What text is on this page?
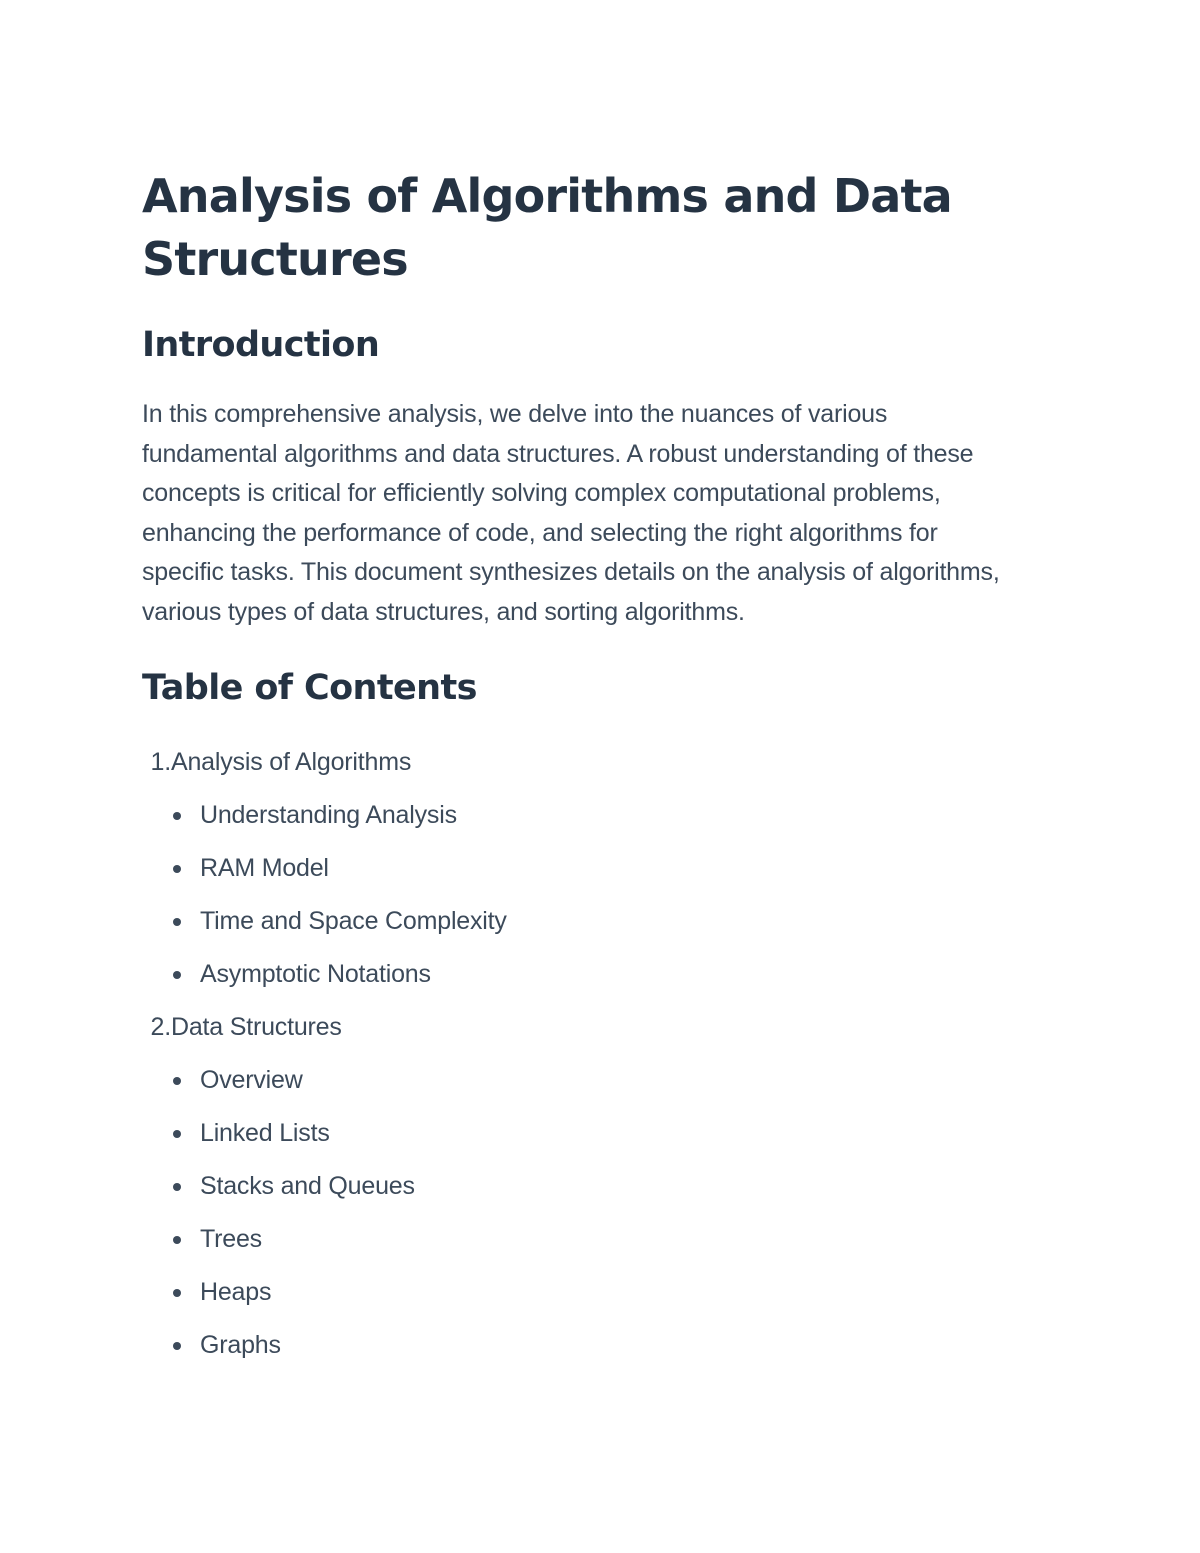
Analysis of Algorithms and Data Structures
Introduction

In this comprehensive analysis, we delve into the nuances of various fundamental algorithms and data structures. A robust understanding of these concepts is critical for efficiently solving complex computational problems, enhancing the performance of code, and selecting the right algorithms for specific tasks. This document synthesizes details on the analysis of algorithms, various types of data structures, and sorting algorithms.

Table of Contents
1. Analysis of Algorithms
Understanding Analysis
RAM Model
Time and Space Complexity
Asymptotic Notations
2. Data Structures
Overview
Linked Lists
Stacks and Queues
Trees
Heaps
Graphs
